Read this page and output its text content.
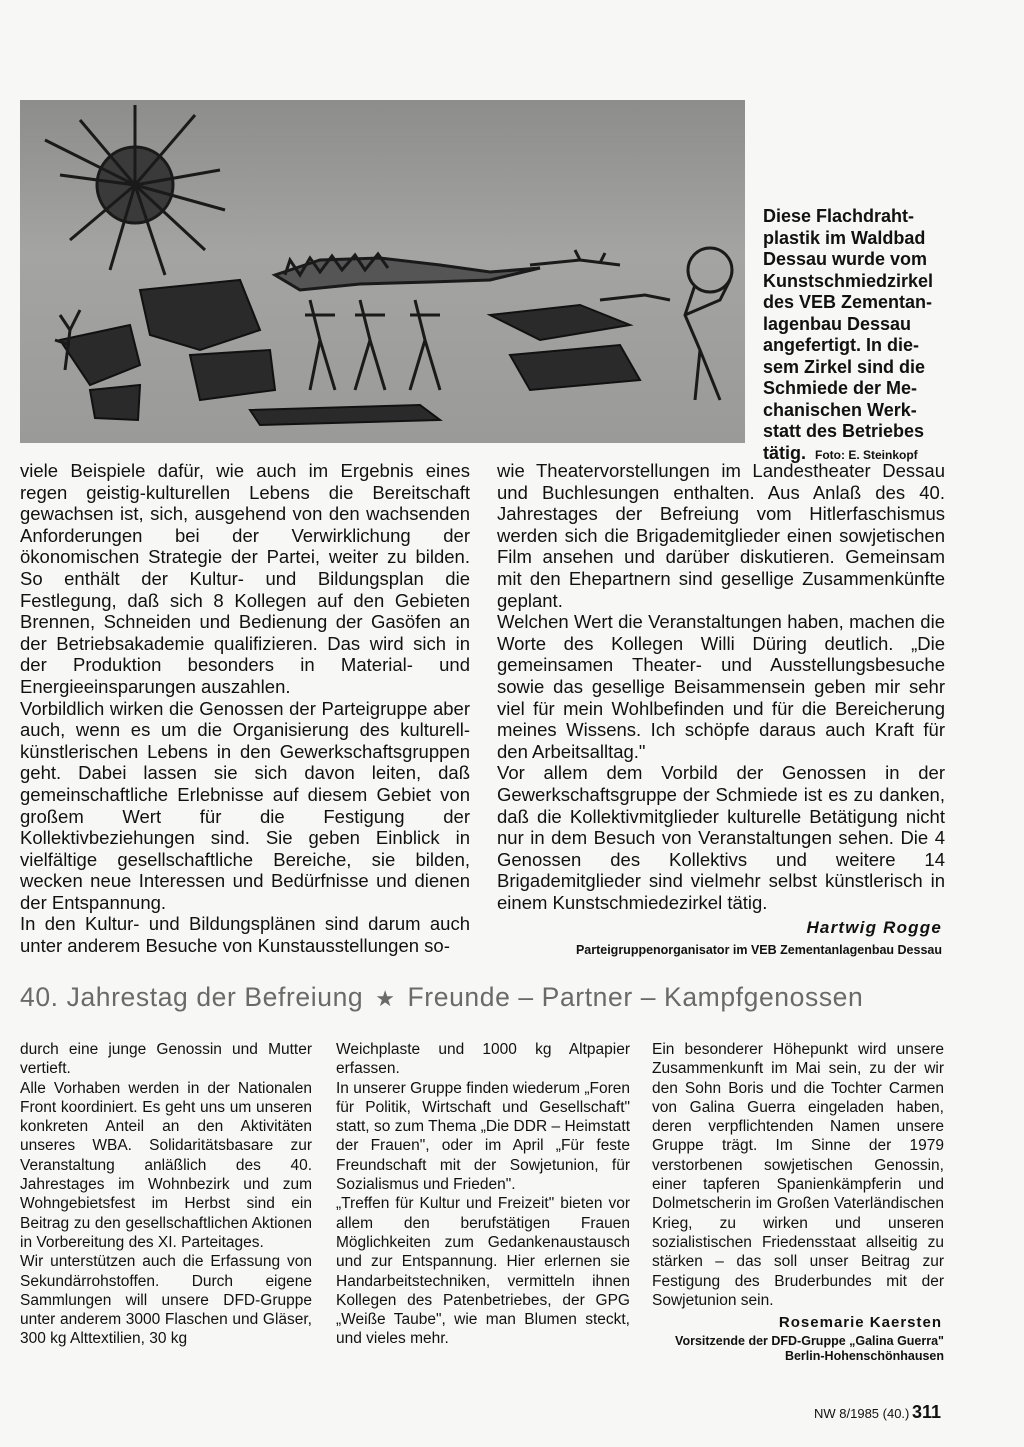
Diese Flachdraht-plastik im Waldbad Dessau wurde vom Kunstschmiedzirkel des VEB Zementan-lagenbau Dessau angefertigt. In die-sem Zirkel sind die Schmiede der Me-chanischen Werk-statt des Betriebes tätig. Foto: E. Steinkopf

viele Beispiele dafür, wie auch im Ergebnis eines regen geistig-kulturellen Lebens die Bereitschaft gewachsen ist, sich, ausgehend von den wachsenden Anforderungen bei der Verwirklichung der ökonomischen Strategie der Partei, weiter zu bilden. So enthält der Kultur- und Bildungsplan die Festlegung, daß sich 8 Kollegen auf den Gebieten Brennen, Schneiden und Bedienung der Gasöfen an der Betriebsakademie qualifizieren. Das wird sich in der Produktion besonders in Material- und Energieeinsparungen auszahlen.

Vorbildlich wirken die Genossen der Parteigruppe aber auch, wenn es um die Organisierung des kulturell-künstlerischen Lebens in den Gewerkschaftsgruppen geht. Dabei lassen sie sich davon leiten, daß gemeinschaftliche Erlebnisse auf diesem Gebiet von großem Wert für die Festigung der Kollektivbeziehungen sind. Sie geben Einblick in vielfältige gesellschaftliche Bereiche, sie bilden, wecken neue Interessen und Bedürfnisse und dienen der Entspannung.

In den Kultur- und Bildungsplänen sind darum auch unter anderem Besuche von Kunstausstellungen so-

wie Theatervorstellungen im Landestheater Dessau und Buchlesungen enthalten. Aus Anlaß des 40. Jahrestages der Befreiung vom Hitlerfaschismus werden sich die Brigademitglieder einen sowjetischen Film ansehen und darüber diskutieren. Gemeinsam mit den Ehepartnern sind gesellige Zusammenkünfte geplant.

Welchen Wert die Veranstaltungen haben, machen die Worte des Kollegen Willi Düring deutlich. „Die gemeinsamen Theater- und Ausstellungsbesuche sowie das gesellige Beisammensein geben mir sehr viel für mein Wohlbefinden und für die Bereicherung meines Wissens. Ich schöpfe daraus auch Kraft für den Arbeitsalltag."

Vor allem dem Vorbild der Genossen in der Gewerkschaftsgruppe der Schmiede ist es zu danken, daß die Kollektivmitglieder kulturelle Betätigung nicht nur in dem Besuch von Veranstaltungen sehen. Die 4 Genossen des Kollektivs und weitere 14 Brigademitglieder sind vielmehr selbst künstlerisch in einem Kunstschmiedezirkel tätig.

Hartwig Rogge
Parteigruppenorganisator im VEB Zementanlagenbau Dessau
40. Jahrestag der Befreiung ★ Freunde – Partner – Kampfgenossen

durch eine junge Genossin und Mutter vertieft.

Alle Vorhaben werden in der Nationalen Front koordiniert. Es geht uns um unseren konkreten Anteil an den Aktivitäten unseres WBA. Solidaritätsbasare zur Veranstaltung anläßlich des 40. Jahrestages im Wohnbezirk und zum Wohngebietsfest im Herbst sind ein Beitrag zu den gesellschaftlichen Aktionen in Vorbereitung des XI. Parteitages.

Wir unterstützen auch die Erfassung von Sekundärrohstoffen. Durch eigene Sammlungen will unsere DFD-Gruppe unter anderem 3000 Flaschen und Gläser, 300 kg Alttextilien, 30 kg

Weichplaste und 1000 kg Altpapier erfassen.

In unserer Gruppe finden wiederum „Foren für Politik, Wirtschaft und Gesellschaft" statt, so zum Thema „Die DDR – Heimstatt der Frauen", oder im April „Für feste Freundschaft mit der Sowjetunion, für Sozialismus und Frieden".

„Treffen für Kultur und Freizeit" bieten vor allem den berufstätigen Frauen Möglichkeiten zum Gedankenaustausch und zur Entspannung. Hier erlernen sie Handarbeitstechniken, vermitteln ihnen Kollegen des Patenbetriebes, der GPG „Weiße Taube", wie man Blumen steckt, und vieles mehr.

Ein besonderer Höhepunkt wird unsere Zusammenkunft im Mai sein, zu der wir den Sohn Boris und die Tochter Carmen von Galina Guerra eingeladen haben, deren verpflichtenden Namen unsere Gruppe trägt. Im Sinne der 1979 verstorbenen sowjetischen Genossin, einer tapferen Spanienkämpferin und Dolmetscherin im Großen Vaterländischen Krieg, zu wirken und unseren sozialistischen Friedensstaat allseitig zu stärken – das soll unser Beitrag zur Festigung des Bruderbundes mit der Sowjetunion sein.

Rosemarie Kaersten
Vorsitzende der DFD-Gruppe „Galina Guerra" Berlin-Hohenschönhausen
NW 8/1985 (40.) 311
